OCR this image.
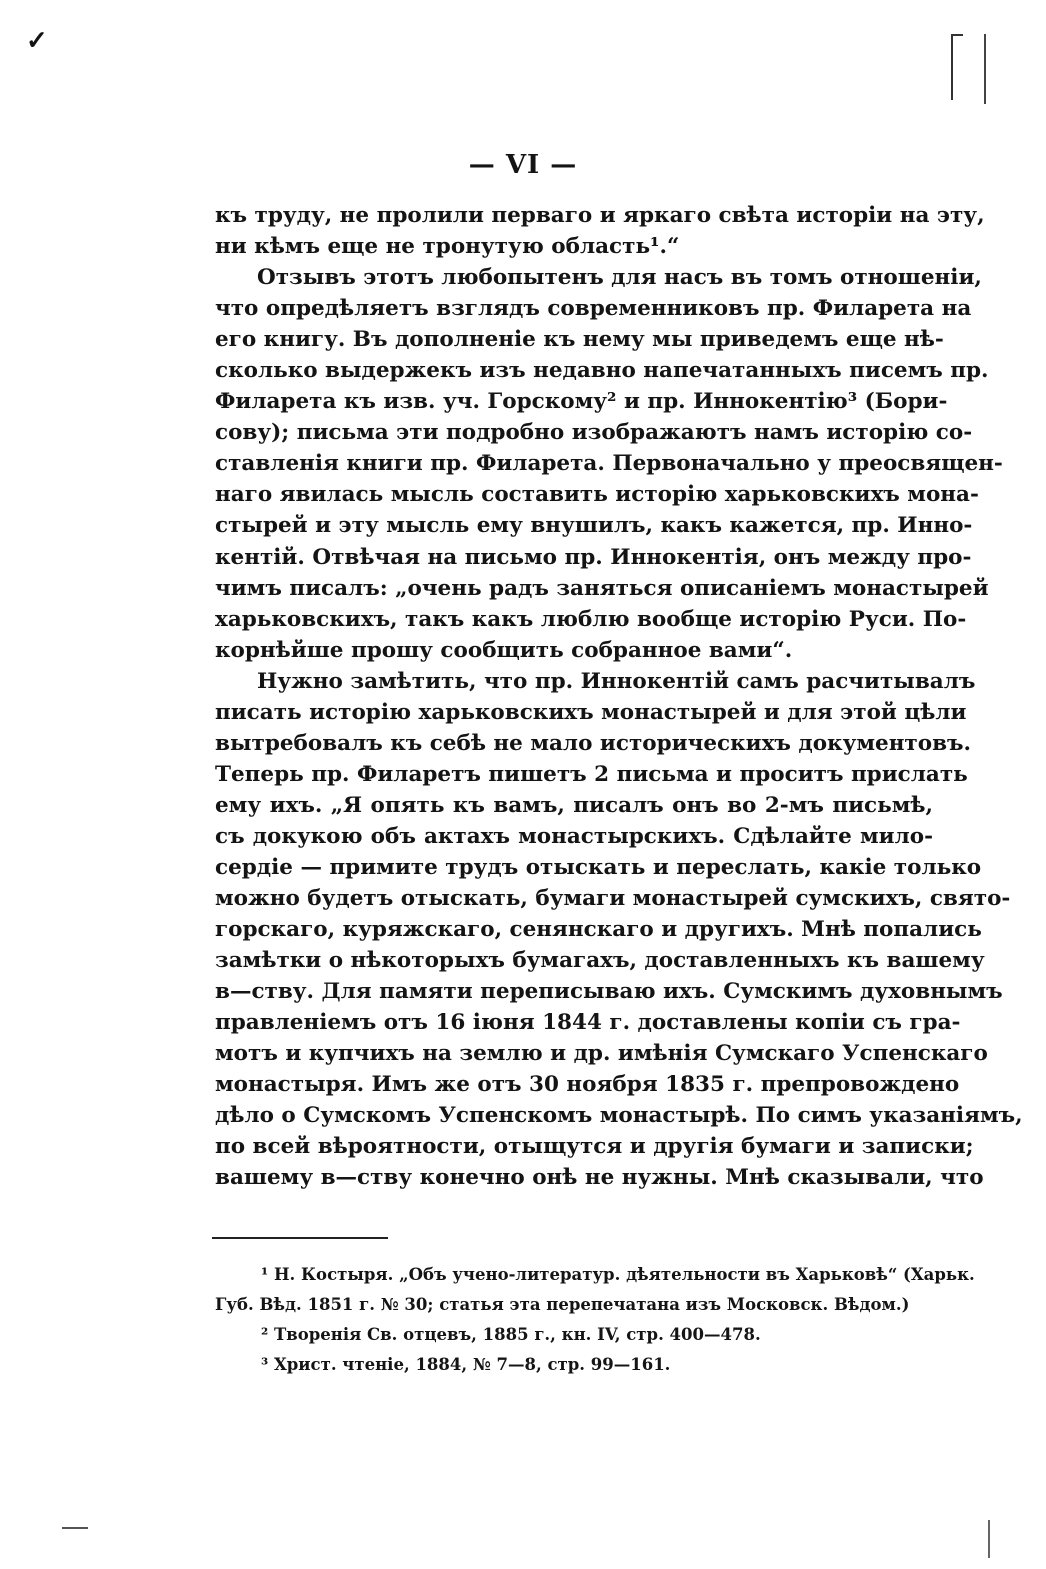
✓
— VI —
къ труду, не пролили перваго и яркаго свѣта исторіи на эту,
ни кѣмъ еще не тронутую область¹.“
Отзывъ этотъ любопытенъ для насъ въ томъ отношеніи,
что опредѣляетъ взглядъ современниковъ пр. Филарета на
его книгу. Въ дополненіе къ нему мы приведемъ еще нѣ-
сколько выдержекъ изъ недавно напечатанныхъ писемъ пр.
Филарета къ изв. уч. Горскому² и пр. Иннокентію³ (Бори-
сову); письма эти подробно изображаютъ намъ исторію со-
ставленія книги пр. Филарета. Первоначально у преосвящен-
наго явилась мысль составить исторію харьковскихъ мона-
стырей и эту мысль ему внушилъ, какъ кажется, пр. Инно-
кентій. Отвѣчая на письмо пр. Иннокентія, онъ между про-
чимъ писалъ: „очень радъ заняться описаніемъ монастырей
харьковскихъ, такъ какъ люблю вообще исторію Руси. По-
корнѣйше прошу сообщить собранное вами“.
Нужно замѣтить, что пр. Иннокентій самъ расчитывалъ
писать исторію харьковскихъ монастырей и для этой цѣли
вытребовалъ къ себѣ не мало историческихъ документовъ.
Теперь пр. Филаретъ пишетъ 2 письма и проситъ прислать
ему ихъ. „Я опять къ вамъ, писалъ онъ во 2-мъ письмѣ,
съ докукою объ актахъ монастырскихъ. Сдѣлайте мило-
сердіе — примите трудъ отыскать и переслать, какіе только
можно будетъ отыскать, бумаги монастырей сумскихъ, свято-
горскаго, куряжскаго, сенянскаго и другихъ. Мнѣ попались
замѣтки о нѣкоторыхъ бумагахъ, доставленныхъ къ вашему
в—ству. Для памяти переписываю ихъ. Сумскимъ духовнымъ
правленіемъ отъ 16 іюня 1844 г. доставлены копіи съ гра-
мотъ и купчихъ на землю и др. имѣнія Сумскаго Успенскаго
монастыря. Имъ же отъ 30 ноября 1835 г. препровождено
дѣло о Сумскомъ Успенскомъ монастырѣ. По симъ указаніямъ,
по всей вѣроятности, отыщутся и другія бумаги и записки;
вашему в—ству конечно онѣ не нужны. Мнѣ сказывали, что
¹ Н. Костыря. „Объ ученo-литератур. дѣятельности въ Харьковѣ“ (Харьк.
Губ. Вѣд. 1851 г. № 30; статья эта перепечатана изъ Московск. Вѣдом.)
² Творенія Св. отцевъ, 1885 г., кн. IV, стр. 400—478.
³ Христ. чтеніе, 1884, № 7—8, стр. 99—161.
